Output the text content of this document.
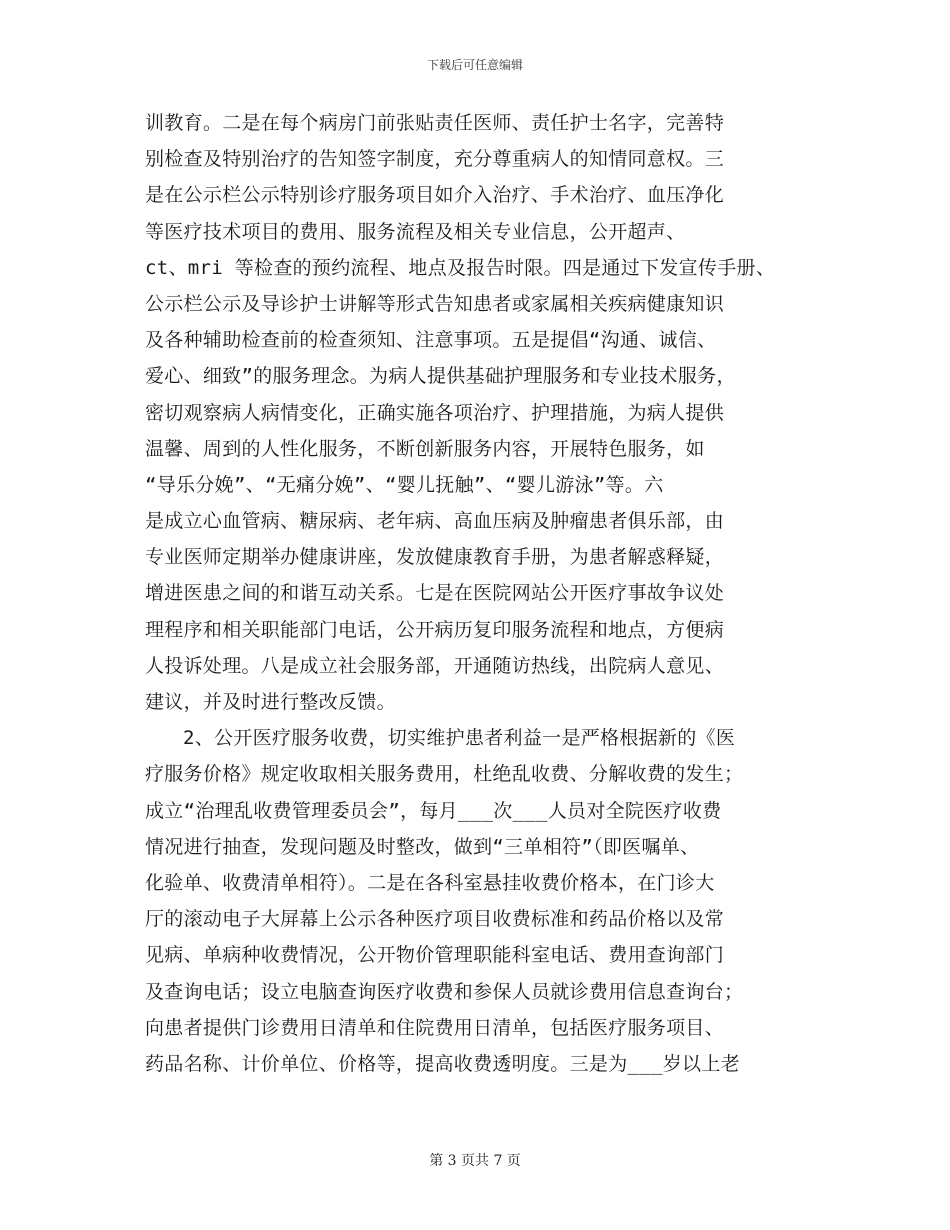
下载后可任意编辑
训教育。二是在每个病房门前张贴责任医师、责任护士名字，完善特
别检查及特别治疗的告知签字制度，充分尊重病人的知情同意权。三
是在公示栏公示特别诊疗服务项目如介入治疗、手术治疗、血压净化
等医疗技术项目的费用、服务流程及相关专业信息，公开超声、
ct、mri 等检查的预约流程、地点及报告时限。四是通过下发宣传手册、
公示栏公示及导诊护士讲解等形式告知患者或家属相关疾病健康知识
及各种辅助检查前的检查须知、注意事项。五是提倡“沟通、诚信、
爱心、细致”的服务理念。为病人提供基础护理服务和专业技术服务，
密切观察病人病情变化，正确实施各项治疗、护理措施，为病人提供
温馨、周到的人性化服务，不断创新服务内容，开展特色服务，如
“导乐分娩”、“无痛分娩”、“婴儿抚触”、“婴儿游泳”等。六
是成立心血管病、糖尿病、老年病、高血压病及肿瘤患者俱乐部，由
专业医师定期举办健康讲座，发放健康教育手册，为患者解惑释疑，
增进医患之间的和谐互动关系。七是在医院网站公开医疗事故争议处
理程序和相关职能部门电话，公开病历复印服务流程和地点，方便病
人投诉处理。八是成立社会服务部，开通随访热线，出院病人意见、
建议，并及时进行整改反馈。
2、公开医疗服务收费，切实维护患者利益一是严格根据新的《医
疗服务价格》规定收取相关服务费用，杜绝乱收费、分解收费的发生；
成立“治理乱收费管理委员会”，每月___次___人员对全院医疗收费
情况进行抽查，发现问题及时整改，做到“三单相符”（即医嘱单、
化验单、收费清单相符）。二是在各科室悬挂收费价格本，在门诊大
厅的滚动电子大屏幕上公示各种医疗项目收费标准和药品价格以及常
见病、单病种收费情况，公开物价管理职能科室电话、费用查询部门
及查询电话；设立电脑查询医疗收费和参保人员就诊费用信息查询台；
向患者提供门诊费用日清单和住院费用日清单，包括医疗服务项目、
药品名称、计价单位、价格等，提高收费透明度。三是为___岁以上老
第 3 页共 7 页
